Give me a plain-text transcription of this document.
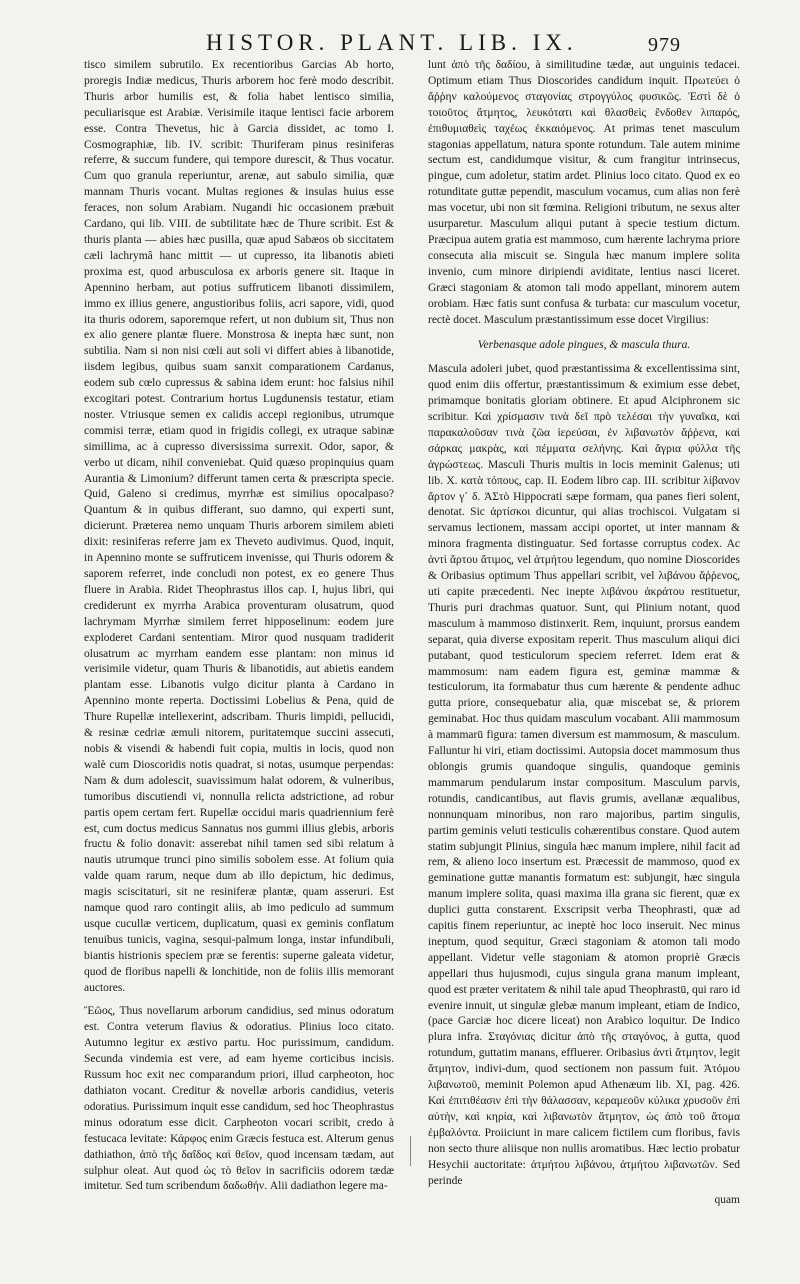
HISTOR. PLANT. LIB. IX.	979

tisco similem subrutilo. Ex recentioribus Garcias Ab horto, proregis Indiæ medicus, Thuris arborem hoc ferè modo describit. Thuris arbor humilis est, & folia habet lentisco similia, peculiarisque est Arabiæ. Verisimile itaque lentisci facie arborem esse. Contra Thevetus, hic à Garcia dissidet, ac tomo I. Cosmographiæ, lib. IV. scribit: Thuriferam pinus resiniferas referre, & succum fundere, qui tempore durescit, & Thus vocatur. Cum quo granula reperiuntur, arenæ, aut sabulo similia, quæ mannam Thuris vocant. Multas regiones & insulas huius esse feraces, non solum Arabiam. Nugandi hic occasionem præbuit Cardano, qui lib. VIII. de subtilitate hæc de Thure scribit. Est & thuris planta — abies hæc pusilla, quæ apud Sabæos ob siccitatem cæli lachrymâ hanc mittit — ut cupresso, ita libanotis abieti proxima est, quod arbusculosa ex arboris genere sit. Itaque in Apennino herbam, aut potius suffruticem libanoti dissimilem, immo ex illius genere, angustioribus foliis, acri sapore, vidi, quod ita thuris odorem, saporemque refert, ut non dubium sit, Thus non ex alio genere plantæ fluere. Monstrosa & inepta hæc sunt, non subtilia. Nam si non nisi cœli aut soli vi differt abies à libanotide, iisdem legibus, quibus suam sanxit comparationem Cardanus, eodem sub cœlo cupressus & sabina idem erunt: hoc falsius nihil excogitari potest. Contrarium hortus Lugdunensis testatur, etiam noster. Vtriusque semen ex calidis accepi regionibus, utrumque commisi terræ, etiam quod in frigidis collegi, ex utraque sabinæ simillima, ac à cupresso diversissima surrexit. Odor, sapor, & verbo ut dicam, nihil conveniebat. Quid quæso propinquius quam Aurantia & Limonium? differunt tamen certa & præscripta specie. Quid, Galeno si credimus, myrrhæ est similius opocalpaso? Quantum & in quibus differant, suo damno, qui experti sunt, dicierunt. Præterea nemo unquam Thuris arborem similem abieti dixit: resiniferas referre jam ex Theveto audivimus. Quod, inquit, in Apennino monte se suffruticem invenisse, qui Thuris odorem & saporem referret, inde concludi non potest, ex eo genere Thus fluere in Arabia. Ridet Theophrastus illos cap. I, hujus libri, qui crediderunt ex myrrha Arabica proventuram olusatrum, quod lachrymam Myrrhæ similem ferret hipposelinum: eodem jure exploderet Cardani sententiam. Miror quod nusquam tradiderit olusatrum ac myrrham eandem esse plantam: non minus id verisimile videtur, quam Thuris & libanotidis, aut abietis eandem plantam esse. Libanotis vulgo dicitur planta à Cardano in Apennino monte reperta. Doctissimi Lobelius & Pena, quid de Thure Rupellæ intellexerint, adscribam. Thuris limpidi, pellucidi, & resinæ cedriæ æmuli nitorem, puritatemque succini assecuti, nobis & visendi & habendi fuit copia, multis in locis, quod non walè cum Dioscoridis notis quadrat, si notas, usumque perpendas: Nam & dum adolescit, suavissimum halat odorem, & vulneribus, tumoribus discutiendi vi, nonnulla relicta adstrictione, ad robur partis opem certam fert. Rupellæ occidui maris quadriennium ferè est, cum doctus medicus Sannatus nos gummi illius glebis, arboris fructu & folio donavit: asserebat nihil tamen sed sibi relatum à nautis utrumque trunci pino similis sobolem esse. At folium quia valde quam rarum, neque dum ab illo depictum, hic dedimus, magis sciscitaturi, sit ne resiniferæ plantæ, quam asseruri. Est namque quod raro contingit aliis, ab imo pediculo ad summum usque cucullæ verticem, duplicatum, quasi ex geminis conflatum tenuibus tunicis, vagina, sesqui-palmum longa, instar infundibuli, biantis histrionis speciem præ se ferentis: superne galeata videtur, quod de floribus napelli & lonchitide, non de foliis illis memorant auctores.

Ἔῶος, Thus novellarum arborum candidius, sed minus odoratum est. Contra veterum flavius & odoratius. Plinius loco citato. Autumno legitur ex æstivo partu. Hoc purissimum, candidum. Secunda vindemia est vere, ad eam hyeme corticibus incisis. Russum hoc exit nec comparandum priori, illud carpheoton, hoc dathiaton vocant. Creditur & novellæ arboris candidius, veteris odoratius. Purissimum inquit esse candidum, sed hoc Theophrastus minus odoratum esse dicit. Carpheoton vocari scribit, credo à festucaca levitate: Κάρφος enim Græcis festuca est. Alterum genus dathiathon, ἀπὸ τῆς δαΐδος καὶ θεῖον, quod incensam tædam, aut sulphur oleat. Aut quod ὡς τὸ θεῖον in sacrificiis odorem tædæ imitetur. Sed tum scribendum δαδωθήν. Alii dadiathon legere ma-

lunt ἀπὸ τῆς δαδίου, à similitudine tædæ, aut unguinis tedacei. Optimum etiam Thus Dioscorides candidum inquit. Πρωτεύει ὁ ἄῤῥην καλούμενος σταγονίας στρογγύλος φυσικῶς. Ἐστὶ δὲ ὁ τοιοῦτος ἄτμητος, λευκότατι καὶ θλασθεὶς ἔνδοθεν λιπαρός, ἐπιθυμιαθεὶς ταχέως ἐκκαιόμενος. At primas tenet masculum stagonias appellatum, natura sponte rotundum. Tale autem minime sectum est, candidumque visitur, & cum frangitur intrinsecus, pingue, cum adoletur, statim ardet. Plinius loco citato. Quod ex eo rotunditate guttæ pependit, masculum vocamus, cum alias non ferè mas vocetur, ubi non sit fœmina. Religioni tributum, ne sexus alter usurparetur. Masculum aliqui putant à specie testium dictum. Præcipua autem gratia est mammoso, cum hærente lachryma priore consecuta alia miscuit se. Singula hæc manum implere solita invenio, cum minore diripiendi aviditate, lentius nasci liceret. Græci stagoniam & atomon tali modo appellant, minorem autem orobiam. Hæc fatis sunt confusa & turbata: cur masculum vocetur, rectè docet. Masculum præstantissimum esse docet Virgilius:

Verbenasque adole pingues, & mascula thura.

Mascula adoleri jubet, quod præstantissima & excellentissima sint, quod enim diis offertur, præstantissimum & eximium esse debet, primamque bonitatis gloriam obtinere. Et apud Alciphronem sic scribitur. Καὶ χρίσμασιν τινὰ δεῖ πρὸ τελέσαι τὴν γυναῖκα, καὶ παρακαλοῦσαν τινὰ ζῶα ἱερεύσαι, ἐν λιβανωτὸν ἄῤῥενα, καὶ σάρκας μακρὰς, καὶ πέμματα σελήνης. Καὶ ἄγρια φύλλα τῆς ἀγρώστεως. Masculi Thuris multis in locis meminit Galenus; uti lib. X. κατὰ τόπους, cap. II. Eodem libro cap. III. scribitur λίβανον ἄρτον γ᾽ δ. ἈΣτὸ Hippocrati sæpe formam, qua panes fieri solent, denotat. Sic ἀρτίσκοι dicuntur, qui alias trochiscoi. Vulgatam si servamus lectionem, massam accipi oportet, ut inter mannam & minora fragmenta distinguatur. Sed fortasse corruptus codex. Ac ἀντὶ ἄρτου ἄτιμος, vel ἀτμήτου legendum, quo nomine Dioscorides & Oribasius optimum Thus appellari scribit, vel λιβάνου ἄῤῥενος, uti capite præcedenti. Nec inepte λιβάνου ἀκράτου restituetur, Thuris puri drachmas quatuor. Sunt, qui Plinium notant, quod masculum à mammoso distinxerit. Rem, inquiunt, prorsus eandem separat, quia diverse expositam reperit. Thus masculum aliqui dici putabant, quod testiculorum speciem referret. Idem erat & mammosum: nam eadem figura est, geminæ mammæ & testiculorum, ita formabatur thus cum hærente & pendente adhuc gutta priore, consequebatur alia, quæ miscebat se, & priorem geminabat. Hoc thus quidam masculum vocabant. Alii mammosum à mammarū figura: tamen diversum est mammosum, & masculum. Falluntur hi viri, etiam doctissimi. Autopsia docet mammosum thus oblongis grumis quandoque singulis, quandoque geminis mammarum pendularum instar compositum. Masculum parvis, rotundis, candicantibus, aut flavis grumis, avellanæ æqualibus, nonnunquam minoribus, non raro majoribus, partim singulis, partim geminis veluti testiculis cohærentibus constare. Quod autem statim subjungit Plinius, singula hæc manum implere, nihil facit ad rem, & alieno loco insertum est. Præcessit de mammoso, quod ex geminatione guttæ manantis formatum est: subjungit, hæc singula manum implere solita, quasi maxima illa grana sic fierent, quæ ex duplici gutta constarent. Exscripsit verba Theophrasti, quæ ad capitis finem reperiuntur, ac ineptè hoc loco inseruit. Nec minus ineptum, quod sequitur, Græci stagoniam & atomon tali modo appellant. Videtur velle stagoniam & atomon propriè Græcis appellari thus hujusmodi, cujus singula grana manum impleant, quod est præter veritatem & nihil tale apud Theophrastū, qui raro id evenire innuit, ut singulæ glebæ manum impleant, etiam de Indico, (pace Garciæ hoc dicere liceat) non Arabico loquitur. De Indico plura infra. Σταγόνιας dicitur ἀπὸ τῆς σταγόνος, à gutta, quod rotundum, guttatim manans, effluerer. Oribasius ἀντὶ ἄτμητον, legit ἄτμητον, indivi-dum, quod sectionem non passum fuit. Ἀτόμου λιβανωτοῦ, meminit Polemon apud Athenæum lib. XI, pag. 426. Καὶ ἐπιτιθέασιν ἐπὶ τὴν θάλασσαν, κεραμεοῦν κύλικα χρυσοῦν ἐπὶ αὐτὴν, καὶ κηρία, καὶ λιβανωτὸν ἄτμητον, ὡς ἀπὸ τοῦ ἄτομα ἐμβαλόντα. Proiiciunt in mare calicem fictilem cum floribus, favis non secto thure aliisque non nullis aromatibus. Hæc lectio probatur Hesychii auctoritate: ἀτμήτου λιβάνου, ἀτμήτου λιβανωτῶν. Sed perinde

quam
